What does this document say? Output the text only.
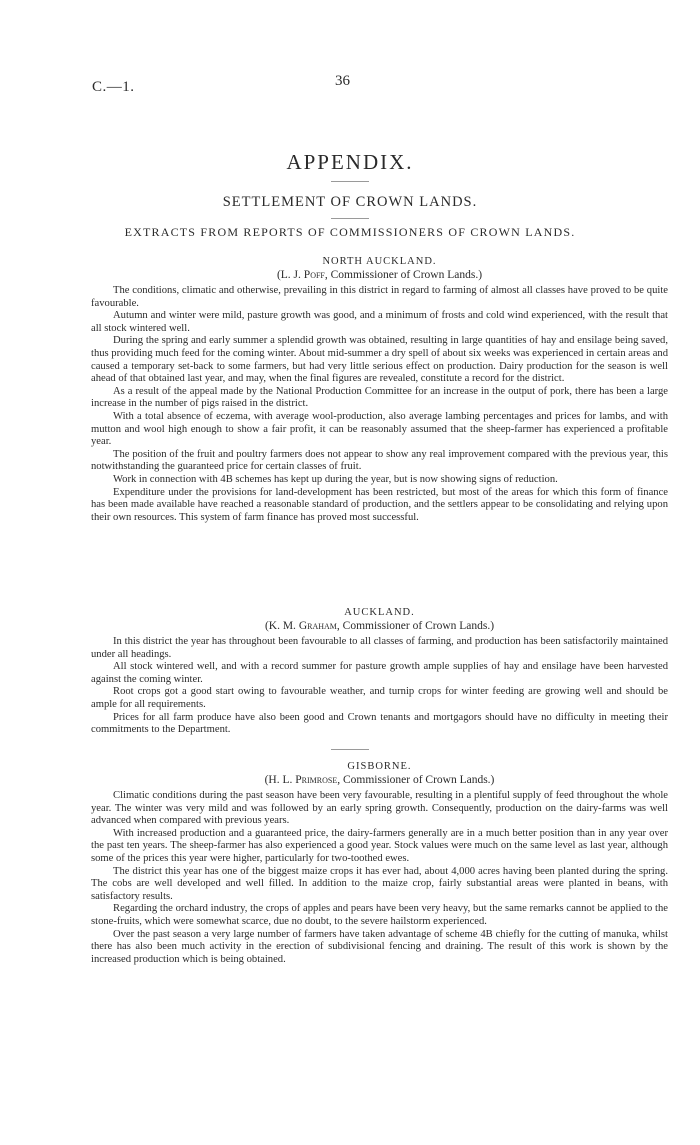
C.—1.	36
APPENDIX.
SETTLEMENT OF CROWN LANDS.
EXTRACTS FROM REPORTS OF COMMISSIONERS OF CROWN LANDS.
NORTH AUCKLAND.
(L. J. Poff, Commissioner of Crown Lands.)

The conditions, climatic and otherwise, prevailing in this district in regard to farming of almost all classes have proved to be quite favourable.

Autumn and winter were mild, pasture growth was good, and a minimum of frosts and cold wind experienced, with the result that all stock wintered well.

During the spring and early summer a splendid growth was obtained, resulting in large quantities of hay and ensilage being saved, thus providing much feed for the coming winter. About mid-summer a dry spell of about six weeks was experienced in certain areas and caused a temporary set-back to some farmers, but had very little serious effect on production. Dairy production for the season is well ahead of that obtained last year, and may, when the final figures are revealed, constitute a record for the district.

As a result of the appeal made by the National Production Committee for an increase in the output of pork, there has been a large increase in the number of pigs raised in the district.

With a total absence of eczema, with average wool-production, also average lambing percentages and prices for lambs, and with mutton and wool high enough to show a fair profit, it can be reasonably assumed that the sheep-farmer has experienced a profitable year.

The position of the fruit and poultry farmers does not appear to show any real improvement compared with the previous year, this notwithstanding the guaranteed price for certain classes of fruit.

Work in connection with 4B schemes has kept up during the year, but is now showing signs of reduction.

Expenditure under the provisions for land-development has been restricted, but most of the areas for which this form of finance has been made available have reached a reasonable standard of production, and the settlers appear to be consolidating and relying upon their own resources. This system of farm finance has proved most successful.

AUCKLAND.
(K. M. Graham, Commissioner of Crown Lands.)

In this district the year has throughout been favourable to all classes of farming, and production has been satisfactorily maintained under all headings.

All stock wintered well, and with a record summer for pasture growth ample supplies of hay and ensilage have been harvested against the coming winter.

Root crops got a good start owing to favourable weather, and turnip crops for winter feeding are growing well and should be ample for all requirements.

Prices for all farm produce have also been good and Crown tenants and mortgagors should have no difficulty in meeting their commitments to the Department.

GISBORNE.
(H. L. Primrose, Commissioner of Crown Lands.)

Climatic conditions during the past season have been very favourable, resulting in a plentiful supply of feed throughout the whole year. The winter was very mild and was followed by an early spring growth. Consequently, production on the dairy-farms was well advanced when compared with previous years.

With increased production and a guaranteed price, the dairy-farmers generally are in a much better position than in any year over the past ten years. The sheep-farmer has also experienced a good year. Stock values were much on the same level as last year, although some of the prices this year were higher, particularly for two-toothed ewes.

The district this year has one of the biggest maize crops it has ever had, about 4,000 acres having been planted during the spring. The cobs are well developed and well filled. In addition to the maize crop, fairly substantial areas were planted in beans, with satisfactory results.

Regarding the orchard industry, the crops of apples and pears have been very heavy, but the same remarks cannot be applied to the stone-fruits, which were somewhat scarce, due no doubt, to the severe hailstorm experienced.

Over the past season a very large number of farmers have taken advantage of scheme 4B chiefly for the cutting of manuka, whilst there has also been much activity in the erection of subdivisional fencing and draining. The result of this work is shown by the increased production which is being obtained.
